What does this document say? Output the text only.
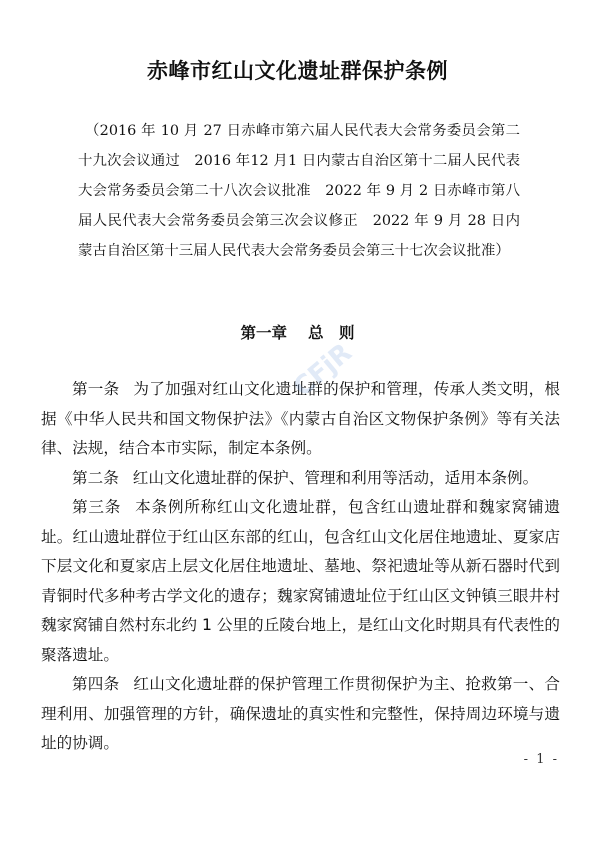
赤峰市红山文化遗址群保护条例

（2016 年 10 月 27 日赤峰市第六届人民代表大会常务委员会第二十九次会议通过　2016 年12 月1 日内蒙古自治区第十二届人民代表大会常务委员会第二十八次会议批准　2022 年 9 月 2 日赤峰市第八届人民代表大会常务委员会第三次会议修正　2022 年 9 月 28 日内蒙古自治区第十三届人民代表大会常务委员会第三十七次会议批准）

第一章　 总　则

第一条 为了加强对红山文化遗址群的保护和管理，传承人类文明，根据《中华人民共和国文物保护法》《内蒙古自治区文物保护条例》等有关法律、法规，结合本市实际，制定本条例。

第二条 红山文化遗址群的保护、管理和利用等活动，适用本条例。

第三条 本条例所称红山文化遗址群，包含红山遗址群和魏家窝铺遗址。红山遗址群位于红山区东部的红山，包含红山文化居住地遗址、夏家店下层文化和夏家店上层文化居住地遗址、墓地、祭祀遗址等从新石器时代到青铜时代多种考古学文化的遗存；魏家窝铺遗址位于红山区文钟镇三眼井村魏家窝铺自然村东北约 1 公里的丘陵台地上，是红山文化时期具有代表性的聚落遗址。

第四条 红山文化遗址群的保护管理工作贯彻保护为主、抢救第一、合理利用、加强管理的方针，确保遗址的真实性和完整性，保持周边环境与遗址的协调。

- 1 -
CFjR
